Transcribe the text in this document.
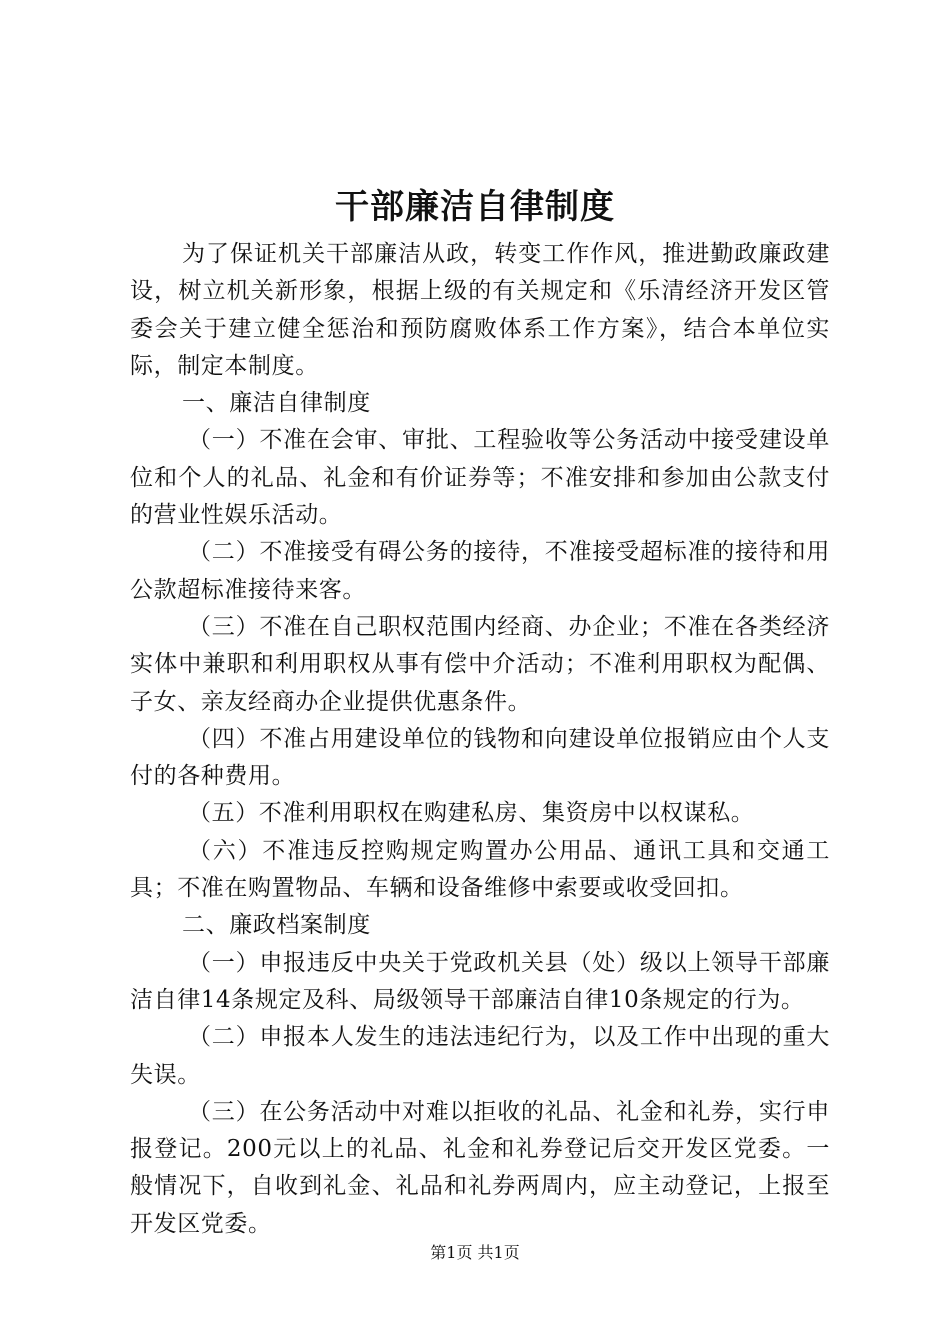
干部廉洁自律制度

为了保证机关干部廉洁从政，转变工作作风，推进勤政廉政建设，树立机关新形象，根据上级的有关规定和《乐清经济开发区管委会关于建立健全惩治和预防腐败体系工作方案》，结合本单位实际，制定本制度。

一、廉洁自律制度

（一）不准在会审、审批、工程验收等公务活动中接受建设单位和个人的礼品、礼金和有价证券等；不准安排和参加由公款支付的营业性娱乐活动。

（二）不准接受有碍公务的接待，不准接受超标准的接待和用公款超标准接待来客。

（三）不准在自己职权范围内经商、办企业；不准在各类经济实体中兼职和利用职权从事有偿中介活动；不准利用职权为配偶、子女、亲友经商办企业提供优惠条件。

（四）不准占用建设单位的钱物和向建设单位报销应由个人支付的各种费用。

（五）不准利用职权在购建私房、集资房中以权谋私。

（六）不准违反控购规定购置办公用品、通讯工具和交通工具；不准在购置物品、车辆和设备维修中索要或收受回扣。

二、廉政档案制度

（一）申报违反中央关于党政机关县（处）级以上领导干部廉洁自律14条规定及科、局级领导干部廉洁自律10条规定的行为。

（二）申报本人发生的违法违纪行为，以及工作中出现的重大失误。

（三）在公务活动中对难以拒收的礼品、礼金和礼券，实行申报登记。200元以上的礼品、礼金和礼券登记后交开发区党委。一般情况下，自收到礼金、礼品和礼券两周内，应主动登记，上报至开发区党委。

第1页 共1页
